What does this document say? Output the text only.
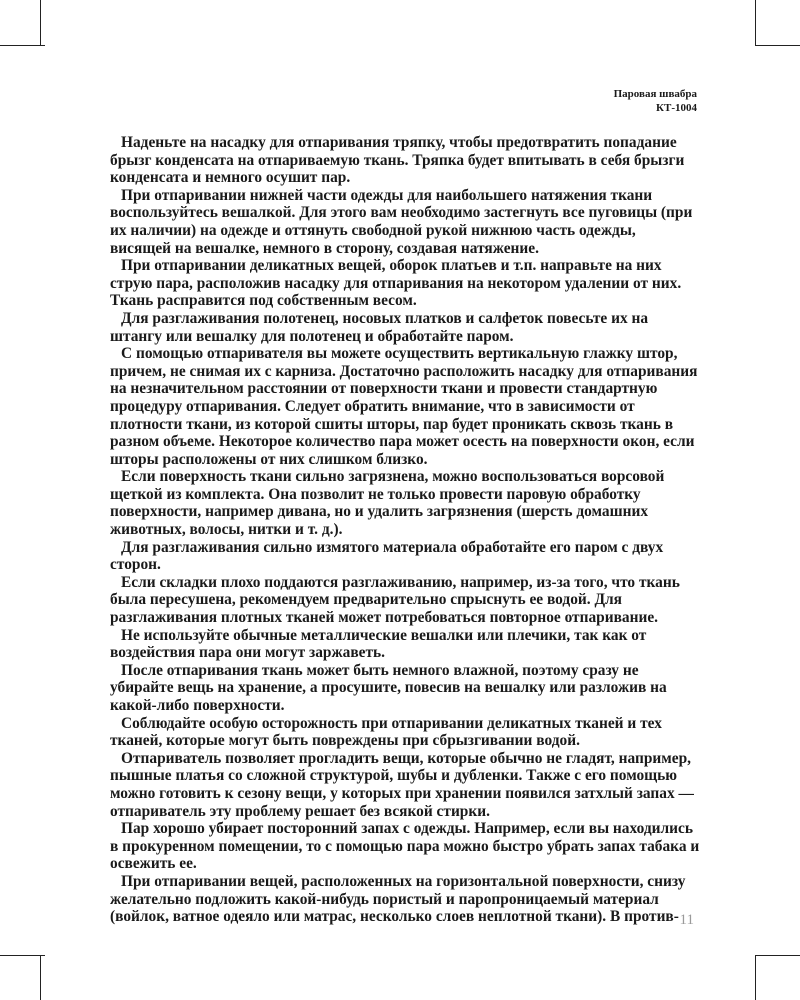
Паровая швабра
КТ-1004

Наденьте на насадку для отпаривания тряпку, чтобы предотвратить попадание брызг конденсата на отпариваемую ткань. Тряпка будет впитывать в себя брызги конденсата и немного осушит пар.

При отпаривании нижней части одежды для наибольшего натяжения ткани воспользуйтесь вешалкой. Для этого вам необходимо застегнуть все пуговицы (при их наличии) на одежде и оттянуть свободной рукой нижнюю часть одежды, висящей на вешалке, немного в сторону, создавая натяжение.

При отпаривании деликатных вещей, оборок платьев и т.п. направьте на них струю пара, расположив насадку для отпаривания на некотором удалении от них. Ткань расправится под собственным весом.

Для разглаживания полотенец, носовых платков и салфеток повесьте их на штангу или вешалку для полотенец и обработайте паром.

С помощью отпаривателя вы можете осуществить вертикальную глажку штор, причем, не снимая их с карниза. Достаточно расположить насадку для отпаривания на незначительном расстоянии от поверхности ткани и провести стандартную процедуру отпаривания. Следует обратить внимание, что в зависимости от плотности ткани, из которой сшиты шторы, пар будет проникать сквозь ткань в разном объеме. Некоторое количество пара может осесть на поверхности окон, если шторы расположены от них слишком близко.

Если поверхность ткани сильно загрязнена, можно воспользоваться ворсовой щеткой из комплекта. Она позволит не только провести паровую обработку поверхности, например дивана, но и удалить загрязнения (шерсть домашних животных, волосы, нитки и т. д.).

Для разглаживания сильно измятого материала обработайте его паром с двух сторон.

Если складки плохо поддаются разглаживанию, например, из-за того, что ткань была пересушена, рекомендуем предварительно спрыснуть ее водой. Для разглаживания плотных тканей может потребоваться повторное отпаривание.

Не используйте обычные металлические вешалки или плечики, так как от воздействия пара они могут заржаветь.

После отпаривания ткань может быть немного влажной, поэтому сразу не убирайте вещь на хранение, а просушите, повесив на вешалку или разложив на какой-либо поверхности.

Соблюдайте особую осторожность при отпаривании деликатных тканей и тех тканей, которые могут быть повреждены при сбрызгивании водой.

Отпариватель позволяет прогладить вещи, которые обычно не гладят, например, пышные платья со сложной структурой, шубы и дубленки. Также с его помощью можно готовить к сезону вещи, у которых при хранении появился затхлый запах — отпариватель эту проблему решает без всякой стирки.

Пар хорошо убирает посторонний запах с одежды. Например, если вы находились в прокуренном помещении, то с помощью пара можно быстро убрать запах табака и освежить ее.

При отпаривании вещей, расположенных на горизонтальной поверхности, снизу желательно подложить какой-нибудь пористый и паропроницаемый материал (войлок, ватное одеяло или матрас, несколько слоев неплотной ткани). В против- 11
